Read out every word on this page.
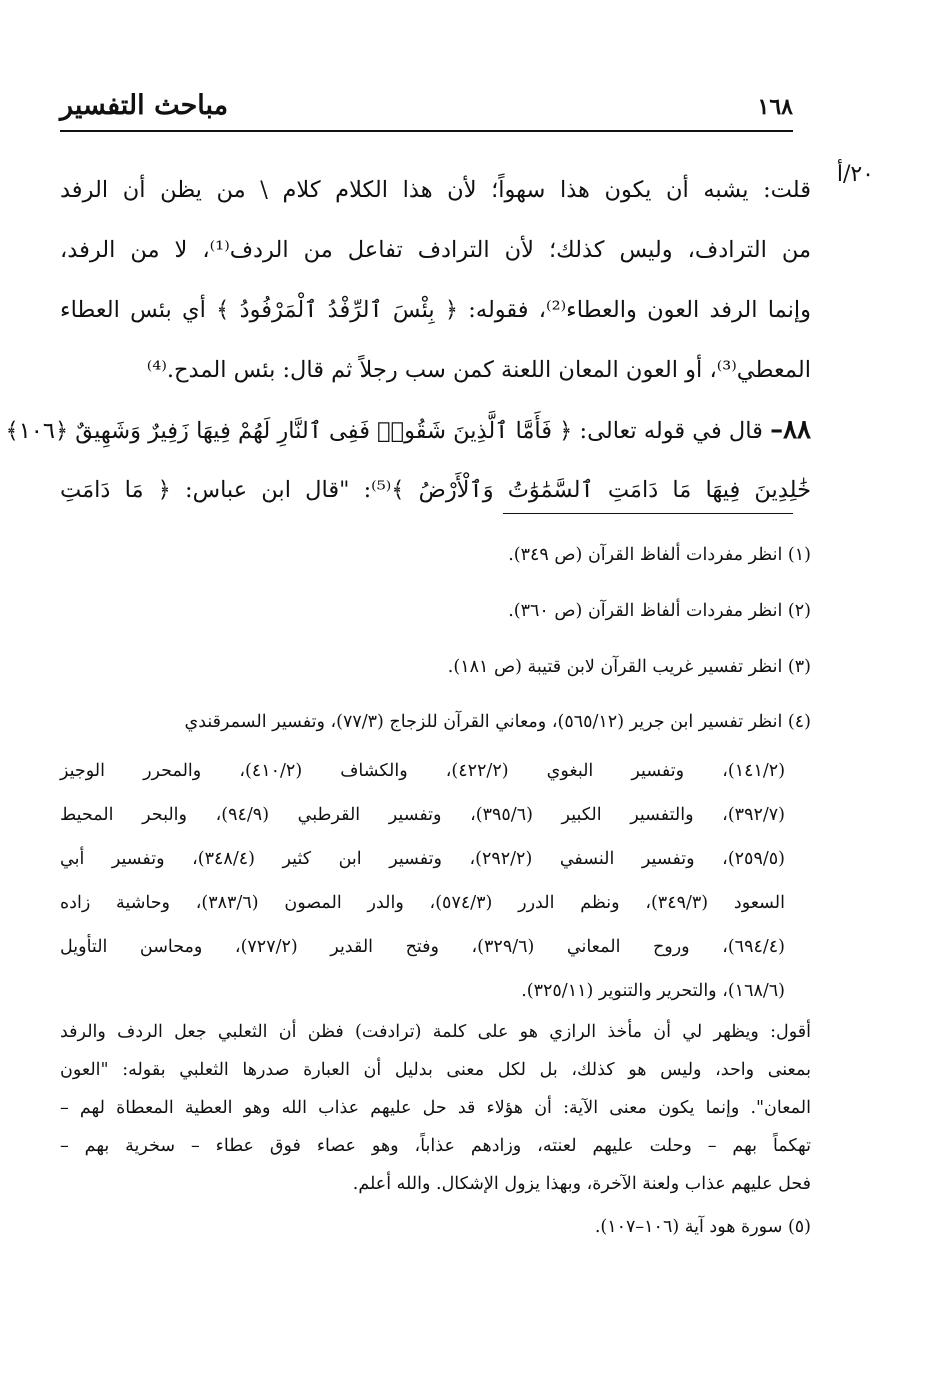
١٦٨
مباحث التفسير
٢٠/أ
قلت: يشبه أن يكون هذا سهواً؛ لأن هذا الكلام كلام \ من يظن أن الرفد
من الترادف، وليس كذلك؛ لأن الترادف تفاعل من الردف⁽¹⁾، لا من الرفد،
وإنما الرفد العون والعطاء⁽²⁾، فقوله: ﴿ بِئْسَ ٱلرِّفْدُ ٱلْمَرْفُودُ ﴾ أي بئس العطاء
المعطي⁽³⁾، أو العون المعان اللعنة كمن سب رجلاً ثم قال: بئس المدح.⁽⁴⁾
٨٨– قال في قوله تعالى: ﴿ فَأَمَّا ٱلَّذِينَ شَقُوا۟ فَفِى ٱلنَّارِ لَهُمْ فِيهَا زَفِيرٌ وَشَهِيقٌ ﴿١٠٦﴾
خَٰلِدِينَ فِيهَا مَا دَامَتِ ٱلسَّمَٰوَٰتُ وَٱلْأَرْضُ ﴾⁽⁵⁾: "قال ابن عباس: ﴿ مَا دَامَتِ
(١) انظر مفردات ألفاظ القرآن (ص ٣٤٩).
(٢) انظر مفردات ألفاظ القرآن (ص ٣٦٠).
(٣) انظر تفسير غريب القرآن لابن قتيبة (ص ١٨١).
(٤) انظر تفسير ابن جرير (٥٦٥/١٢)، ومعاني القرآن للزجاج (٧٧/٣)، وتفسير السمرقندي
(١٤١/٢)، وتفسير البغوي (٤٢٢/٢)، والكشاف (٤١٠/٢)، والمحرر الوجيز
(٣٩٢/٧)، والتفسير الكبير (٣٩٥/٦)، وتفسير القرطبي (٩٤/٩)، والبحر المحيط
(٢٥٩/٥)، وتفسير النسفي (٢٩٢/٢)، وتفسير ابن كثير (٣٤٨/٤)، وتفسير أبي
السعود (٣٤٩/٣)، ونظم الدرر (٥٧٤/٣)، والدر المصون (٣٨٣/٦)، وحاشية زاده
(٦٩٤/٤)، وروح المعاني (٣٢٩/٦)، وفتح القدير (٧٢٧/٢)، ومحاسن التأويل
(١٦٨/٦)، والتحرير والتنوير (٣٢٥/١١).
أقول: ويظهر لي أن مأخذ الرازي هو على كلمة (ترادفت) فظن أن الثعلبي جعل الردف والرفد
بمعنى واحد، وليس هو كذلك، بل لكل معنى بدليل أن العبارة صدرها الثعلبي بقوله: "العون
المعان". وإنما يكون معنى الآية: أن هؤلاء قد حل عليهم عذاب الله وهو العطية المعطاة لهم –
تهكماً بهم – وحلت عليهم لعنته، وزادهم عذاباً، وهو عصاء فوق عطاء – سخرية بهم –
فحل عليهم عذاب ولعنة الآخرة، وبهذا يزول الإشكال. والله أعلم.
(٥) سورة هود آية (١٠٦–١٠٧).
